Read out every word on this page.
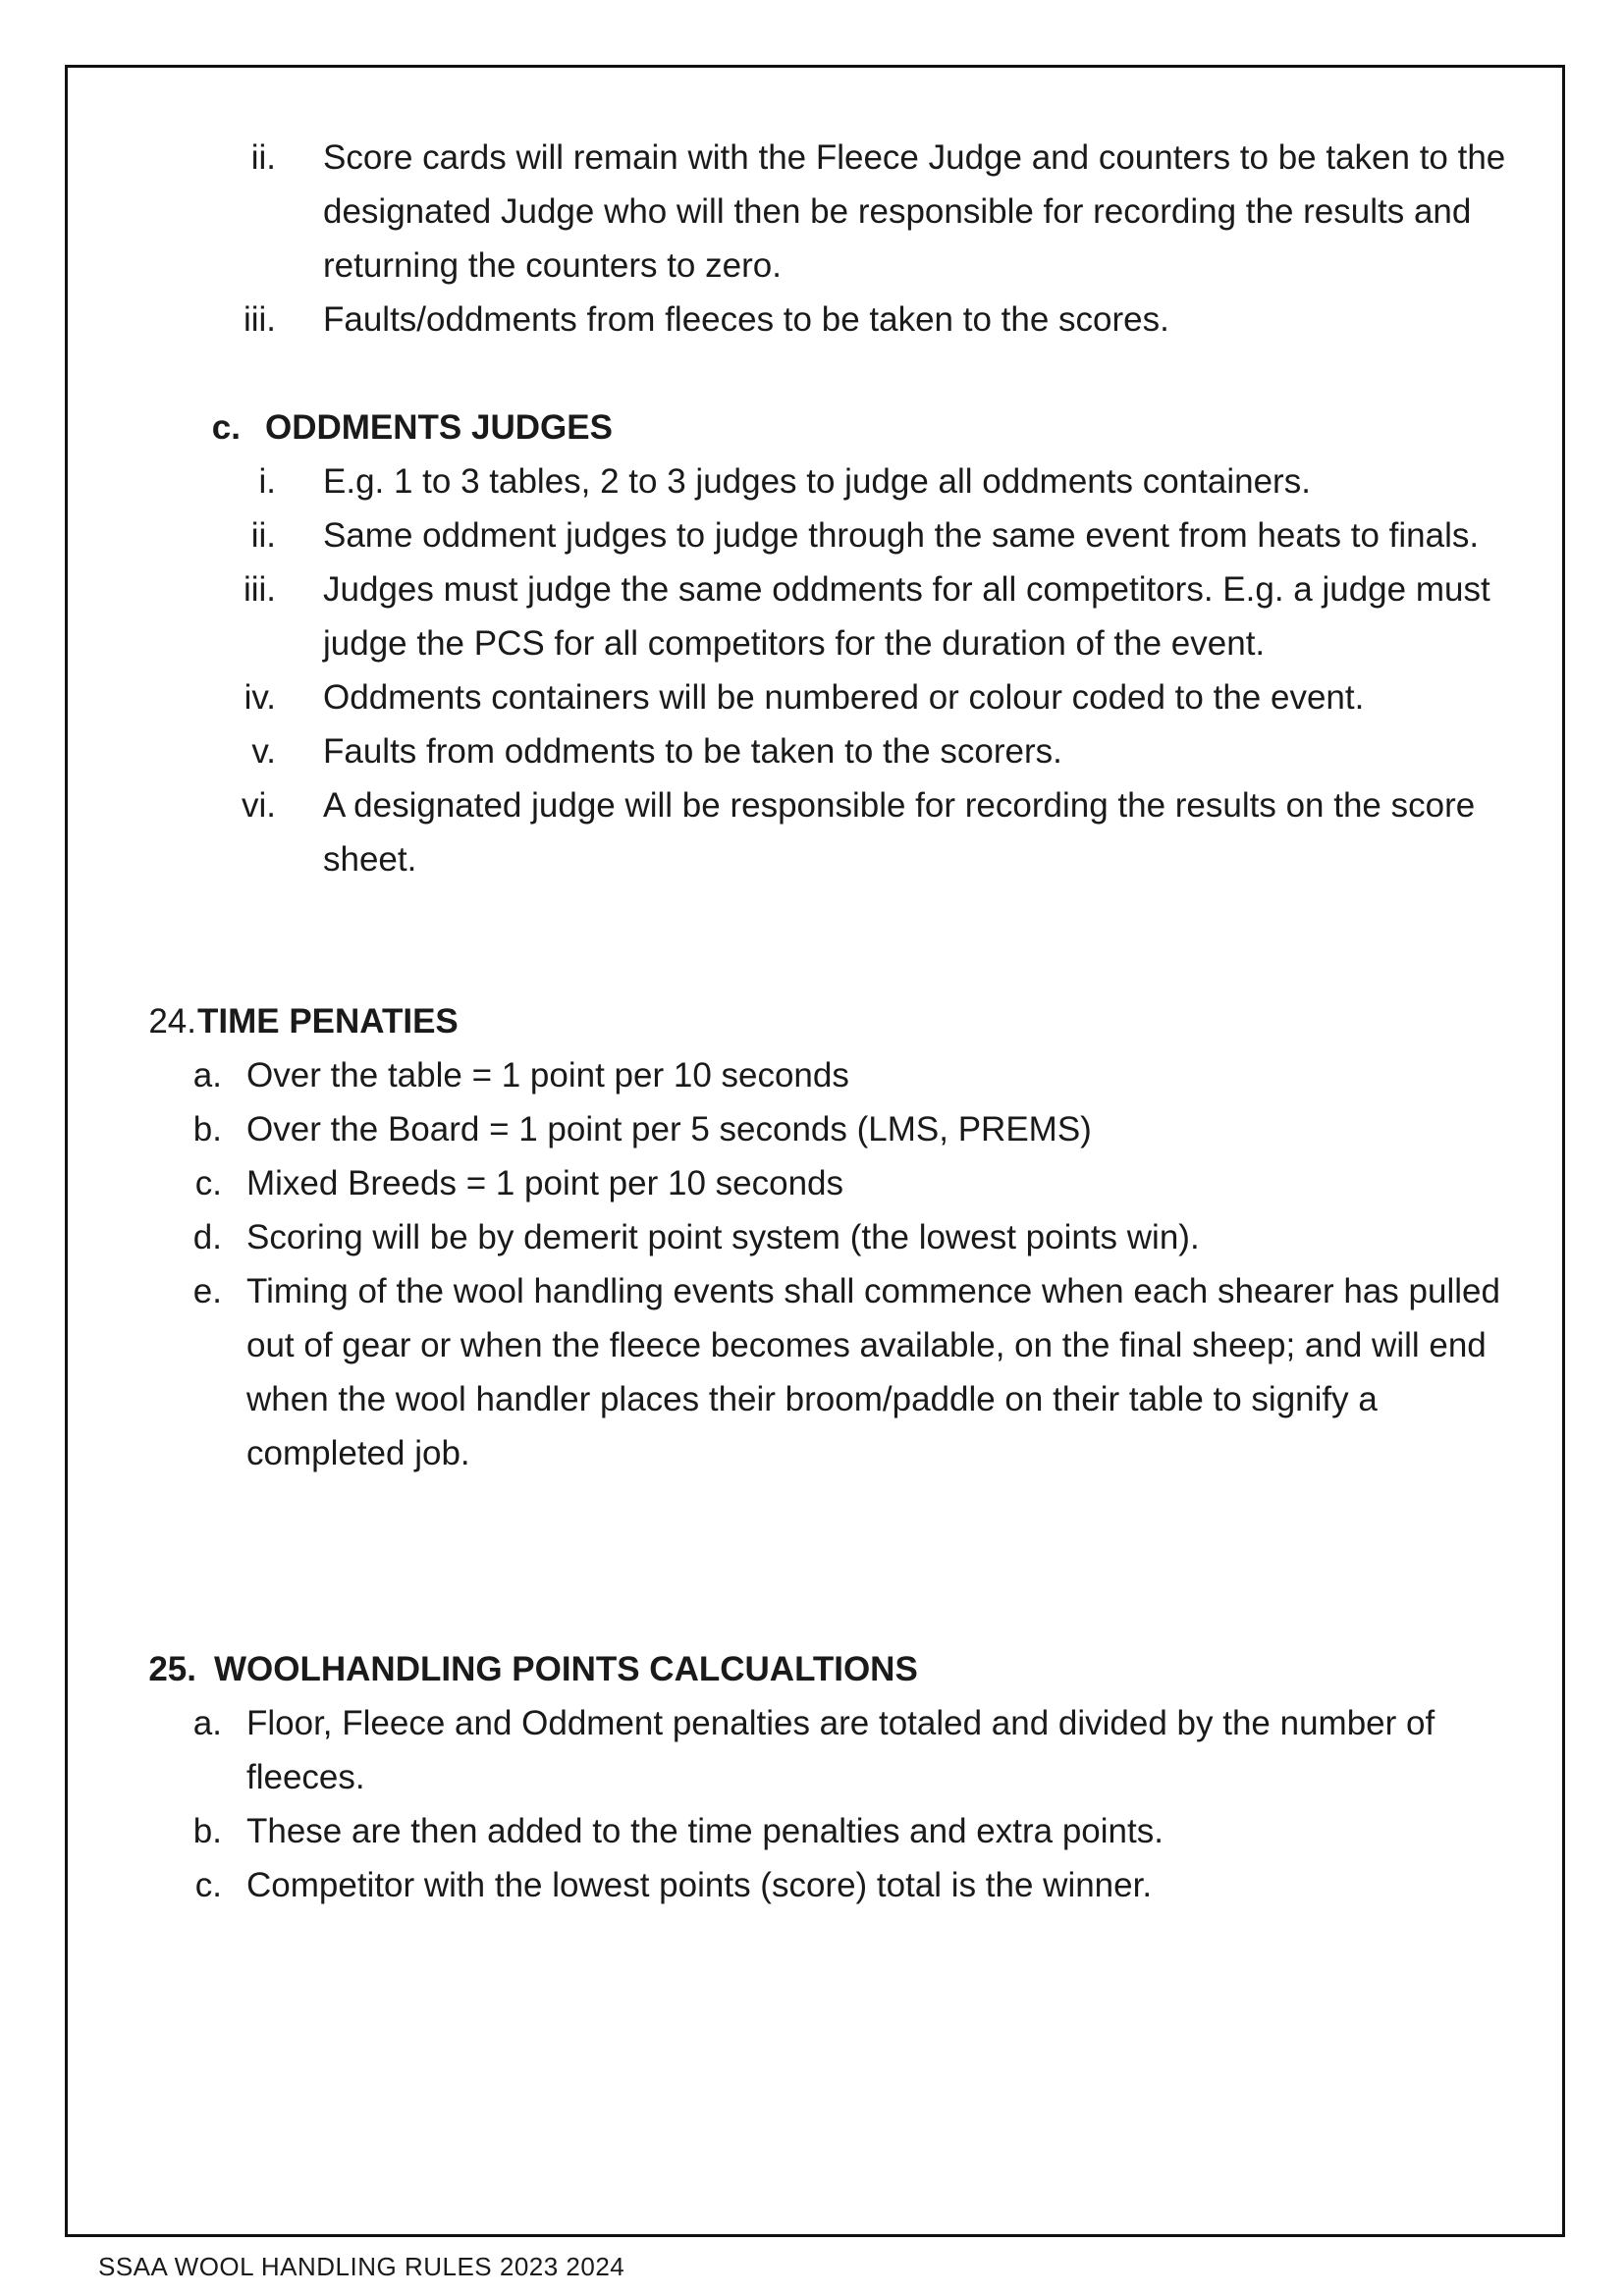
ii. Score cards will remain with the Fleece Judge and counters to be taken to the
designated Judge who will then be responsible for recording the results and
returning the counters to zero.
iii. Faults/oddments from fleeces to be taken to the scores.
c. ODDMENTS JUDGES
i. E.g. 1 to 3 tables, 2 to 3 judges to judge all oddments containers.
ii. Same oddment judges to judge through the same event from heats to finals.
iii. Judges must judge the same oddments for all competitors. E.g. a judge must
judge the PCS for all competitors for the duration of the event.
iv. Oddments containers will be numbered or colour coded to the event.
v. Faults from oddments to be taken to the scorers.
vi. A designated judge will be responsible for recording the results on the score
sheet.
24. TIME PENATIES
a. Over the table = 1 point per 10 seconds
b. Over the Board = 1 point per 5 seconds (LMS, PREMS)
c. Mixed Breeds = 1 point per 10 seconds
d. Scoring will be by demerit point system (the lowest points win).
e. Timing of the wool handling events shall commence when each shearer has pulled
out of gear or when the fleece becomes available, on the final sheep; and will end
when the wool handler places their broom/paddle on their table to signify a
completed job.
25. WOOLHANDLING POINTS CALCUALTIONS
a. Floor, Fleece and Oddment penalties are totaled and divided by the number of
fleeces.
b. These are then added to the time penalties and extra points.
c. Competitor with the lowest points (score) total is the winner.
SSAA WOOL HANDLING RULES 2023 2024
